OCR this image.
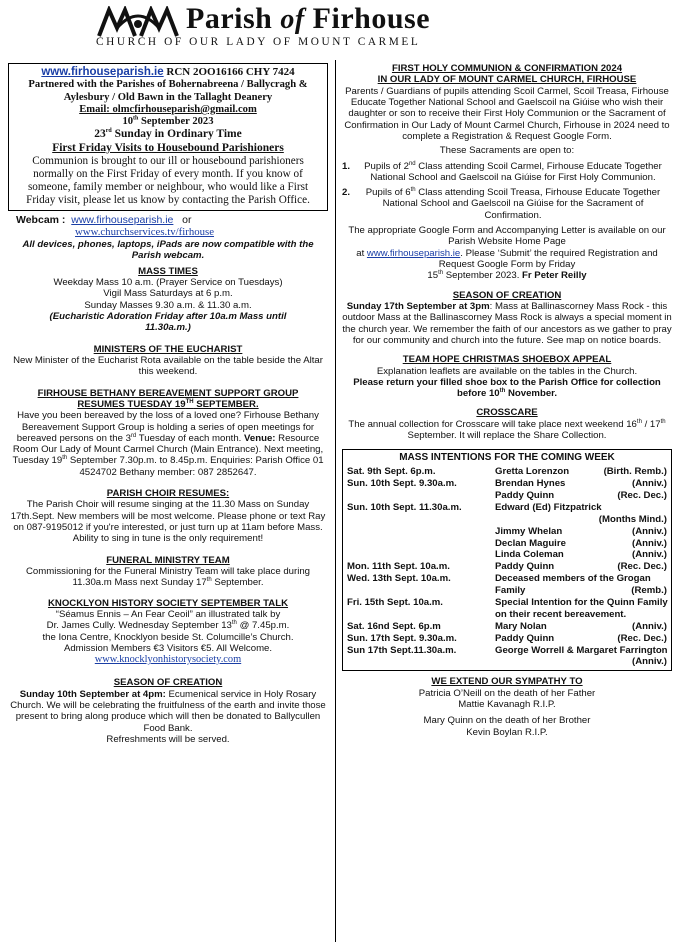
Parish of Firhouse
CHURCH OF OUR LADY OF MOUNT CARMEL
www.firhouseparish.ie RCN 2OO16166 CHY 7424
Partnered with the Parishes of Bohernabreena / Ballycragh & Aylesbury / Old Bawn in the Tallaght Deanery
Email: olmcfirhouseparish@gmail.com
10th September 2023
23rd Sunday in Ordinary Time
First Friday Visits to Housebound Parishioners
Communion is brought to our ill or housebound parishioners normally on the First Friday of every month. If you know of someone, family member or neighbour, who would like a First Friday visit, please let us know by contacting the Parish Office.
Webcam : www.firhouseparish.ie or
www.churchservices.tv/firhouse
All devices, phones, laptops, iPads are now compatible with the Parish webcam.
MASS TIMES
Weekday Mass 10 a.m. (Prayer Service on Tuesdays)
Vigil Mass Saturdays at 6 p.m.
Sunday Masses 9.30 a.m. & 11.30 a.m.
(Eucharistic Adoration Friday after 10a.m Mass until 11.30a.m.)
MINISTERS OF THE EUCHARIST
New Minister of the Eucharist Rota available on the table beside the Altar this weekend.
FIRHOUSE BETHANY BEREAVEMENT SUPPORT GROUP
RESUMES TUESDAY 19TH SEPTEMBER.
Have you been bereaved by the loss of a loved one? Firhouse Bethany Bereavement Support Group is holding a series of open meetings for bereaved persons on the 3rd Tuesday of each month. Venue: Resource Room Our Lady of Mount Carmel Church (Main Entrance). Next meeting, Tuesday 19th September 7.30p.m. to 8.45p.m. Enquiries: Parish Office 01 4524702 Bethany member: 087 2852647.
PARISH CHOIR RESUMES:
The Parish Choir will resume singing at the 11.30 Mass on Sunday 17th.Sept. New members will be most welcome. Please phone or text Ray on 087-9195012 if you're interested, or just turn up at 11am before Mass.
Ability to sing in tune is the only requirement!
FUNERAL MINISTRY TEAM
Commissioning for the Funeral Ministry Team will take place during 11.30a.m Mass next Sunday 17th September.
KNOCKLYON HISTORY SOCIETY SEPTEMBER TALK
“Séamus Ennis – An Fear Ceoil” an illustrated talk by
Dr. James Cully. Wednesday September 13th @ 7.45p.m.
the Iona Centre, Knocklyon beside St. Columcille’s Church.
Admission Members €3 Visitors €5. All Welcome.
www.knocklyonhistorysociety.com
SEASON OF CREATION
Sunday 10th September at 4pm: Ecumenical service in Holy Rosary Church. We will be celebrating the fruitfulness of the earth and invite those present to bring along produce which will then be donated to Ballycullen Food Bank.
Refreshments will be served.
FIRST HOLY COMMUNION & CONFIRMATION 2024
IN OUR LADY OF MOUNT CARMEL CHURCH, FIRHOUSE
Parents / Guardians of pupils attending Scoil Carmel, Scoil Treasa, Firhouse Educate Together National School and Gaelscoil na Giúise who wish their daughter or son to receive their First Holy Communion or the Sacrament of Confirmation in Our Lady of Mount Carmel Church, Firhouse in 2024 need to complete a Registration & Request Google Form.
These Sacraments are open to:
1.	Pupils of 2nd Class attending Scoil Carmel, Firhouse Educate Together National School and Gaelscoil na Giúise for First Holy Communion.
2.	Pupils of 6th Class attending Scoil Treasa, Firhouse Educate Together National School and Gaelscoil na Giúise for the Sacrament of Confirmation.
The appropriate Google Form and Accompanying Letter is available on our Parish Website Home Page
at www.firhouseparish.ie. Please ‘Submit’ the required Registration and Request Google Form by Friday
15th September 2023. Fr Peter Reilly
SEASON OF CREATION
Sunday 17th September at 3pm: Mass at Ballinascorney Mass Rock - this outdoor Mass at the Ballinascorney Mass Rock is always a special moment in the church year. We remember the faith of our ancestors as we gather to pray for our community and church into the future. See map on notice boards.
TEAM HOPE CHRISTMAS SHOEBOX APPEAL
Explanation leaflets are available on the tables in the Church.
Please return your filled shoe box to the Parish Office for collection before 10th November.
CROSSCARE
The annual collection for Crosscare will take place next weekend 16th / 17th September. It will replace the Share Collection.
MASS INTENTIONS FOR THE COMING WEEK
Sat. 9th Sept. 6p.m.	Gretta Lorenzon	(Birth. Remb.)
Sun. 10th Sept. 9.30a.m.	Brendan Hynes	(Anniv.)
Paddy Quinn	(Rec. Dec.)
Sun. 10th Sept. 11.30a.m.	Edward (Ed) Fitzpatrick
(Months Mind.)
Jimmy Whelan	(Anniv.)
Declan Maguire	(Anniv.)
Linda Coleman	(Anniv.)
Mon. 11th Sept. 10a.m.	Paddy Quinn	(Rec. Dec.)
Wed. 13th Sept. 10a.m.	Deceased members of the Grogan
Family	(Remb.)
Fri. 15th Sept. 10a.m.	Special Intention for the Quinn Family
on their recent bereavement.
Sat. 16nd Sept. 6p.m	Mary Nolan	(Anniv.)
Sun. 17th Sept. 9.30a.m.	Paddy Quinn	(Rec. Dec.)
Sun 17th Sept.11.30a.m.	George Worrell & Margaret Farrington
(Anniv.)
WE EXTEND OUR SYMPATHY TO
Patricia O’Neill on the death of her Father
Mattie Kavanagh R.I.P.
Mary Quinn on the death of her Brother
Kevin Boylan R.I.P.
